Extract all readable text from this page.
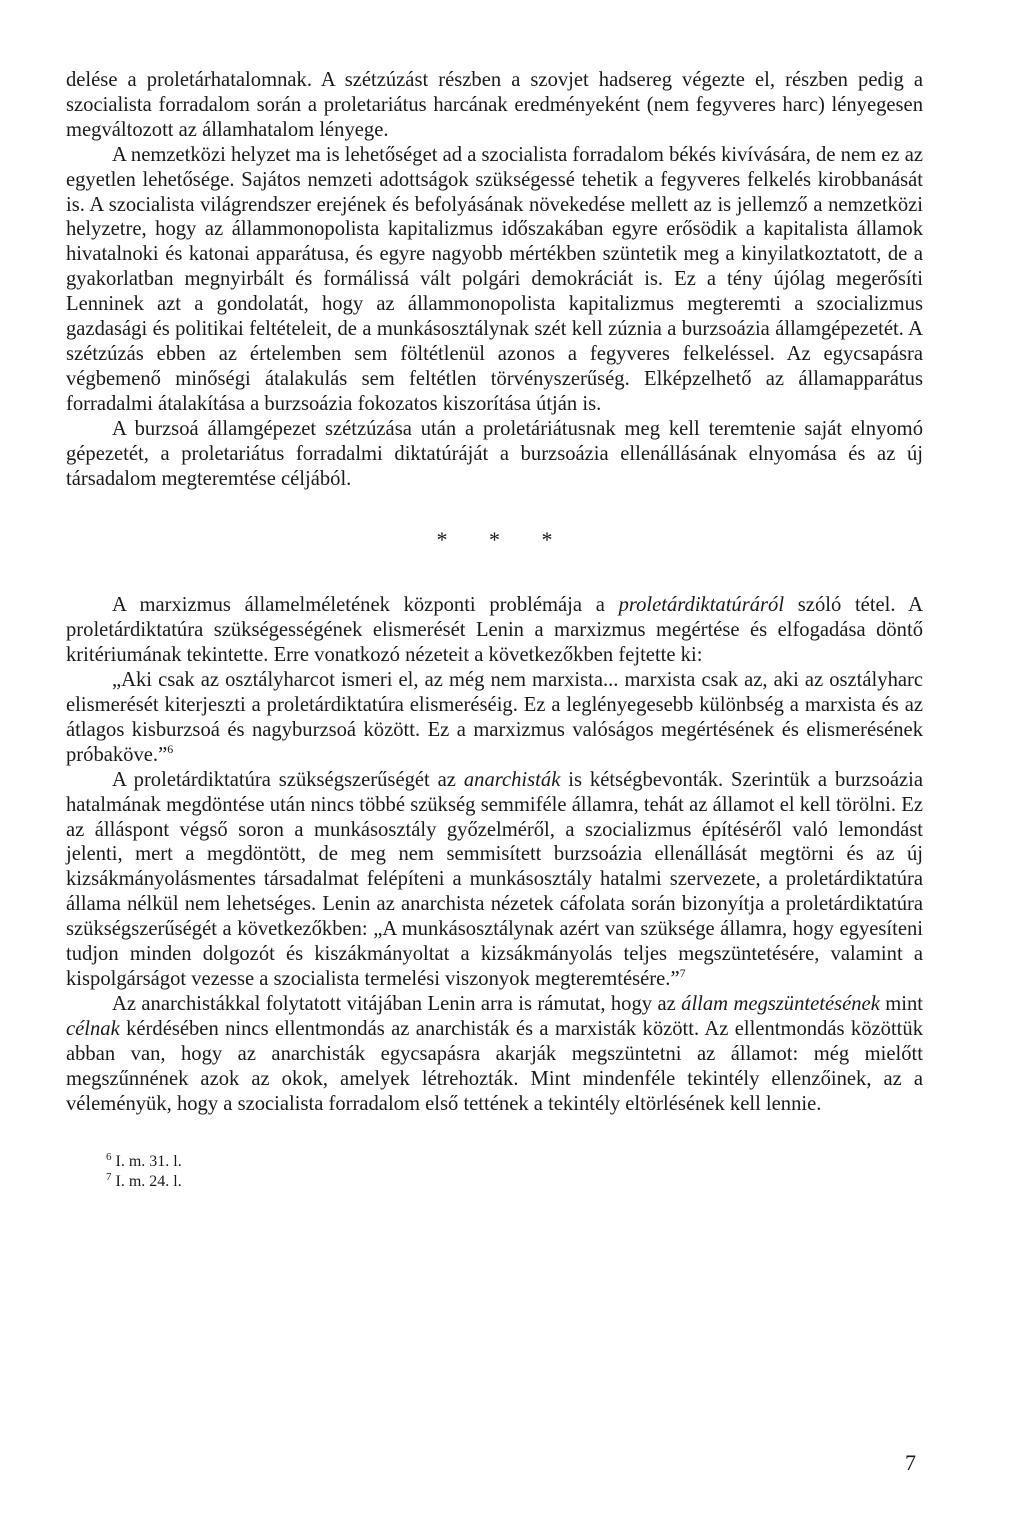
delése a proletárhatalomnak. A szétzúzást részben a szovjet hadsereg végezte el, részben pedig a szocialista forradalom során a proletariátus harcának eredményeként (nem fegyveres harc) lényegesen megváltozott az államhatalom lényege.

A nemzetközi helyzet ma is lehetőséget ad a szocialista forradalom békés kivívására, de nem ez az egyetlen lehetősége. Sajátos nemzeti adottságok szükségessé tehetik a fegyveres felkelés kirobbanását is. A szocialista világrendszer erejének és befolyásának növekedése mellett az is jellemző a nemzetközi helyzetre, hogy az állammonopolista kapitalizmus időszakában egyre erősödik a kapitalista államok hivatalnoki és katonai apparátusa, és egyre nagyobb mértékben szüntetik meg a kinyilatkoztatott, de a gyakorlatban megnyirbált és formálissá vált polgári demokráciát is. Ez a tény újólag megerősíti Lenninek azt a gondolatát, hogy az állammonopolista kapitalizmus megteremti a szocializmus gazdasági és politikai feltételeit, de a munkásosztálynak szét kell zúznia a burzsoázia államgépezetét. A szétzúzás ebben az értelemben sem föltétlenül azonos a fegyveres felkeléssel. Az egycsapásra végbemenő minőségi átalakulás sem feltétlen törvényszerűség. Elképzelhető az államapparátus forradalmi átalakítása a burzsoázia fokozatos kiszorítása útján is.

A burzsoá államgépezet szétzúzása után a proletáriátusnak meg kell teremtenie saját elnyomó gépezetét, a proletariátus forradalmi diktatúráját a burzsoázia ellenállásának elnyomása és az új társadalom megteremtése céljából.

* * *

A marxizmus államelméletének központi problémája a proletárdiktatúráról szóló tétel. A proletárdiktatúra szükségességének elismerését Lenin a marxizmus megértése és elfogadása döntő kritériumának tekintette. Erre vonatkozó nézeteit a következőkben fejtette ki:

„Aki csak az osztályharcot ismeri el, az még nem marxista... marxista csak az, aki az osztályharc elismerését kiterjeszti a proletárdiktatúra elismeréséig. Ez a leglényegesebb különbség a marxista és az átlagos kisburzsoá és nagyburzsoá között. Ez a marxizmus valóságos megértésének és elismerésének próbaköve.”$^6$

A proletárdiktatúra szükségszerűségét az anarchisták is kétségbevonták. Szerintük a burzsoázia hatalmának megdöntése után nincs többé szükség semmiféle államra, tehát az államot el kell törölni. Ez az álláspont végső soron a munkásosztály győzelméről, a szocializmus építéséről való lemondást jelenti, mert a megdöntött, de meg nem semmisített burzsoázia ellenállását megtörni és az új kizsákmányolásmentes társadalmat felépíteni a munkásosztály hatalmi szervezete, a proletárdiktatúra állama nélkül nem lehetséges. Lenin az anarchista nézetek cáfolata során bizonyítja a proletárdiktatúra szükségszerűségét a következőkben: „A munkásosztálynak azért van szüksége államra, hogy egyesíteni tudjon minden dolgozót és kiszákmányoltat a kizsákmányolás teljes megszüntetésére, valamint a kispolgárságot vezesse a szocialista termelési viszonyok megteremtésére.”$^7$

Az anarchistákkal folytatott vitájában Lenin arra is rámutat, hogy az állam megszüntetésének mint célnak kérdésében nincs ellentmondás az anarchisták és a marxisták között. Az ellentmondás közöttük abban van, hogy az anarchisták egycsapásra akarják megszüntetni az államot: még mielőtt megszűnnének azok az okok, amelyek létrehozták. Mint mindenféle tekintély ellenzőinek, az a véleményük, hogy a szocialista forradalom első tettének a tekintély eltörlésének kell lennie.

$^6$ I. m. 31. l.

$^7$ I. m. 24. l.

7
